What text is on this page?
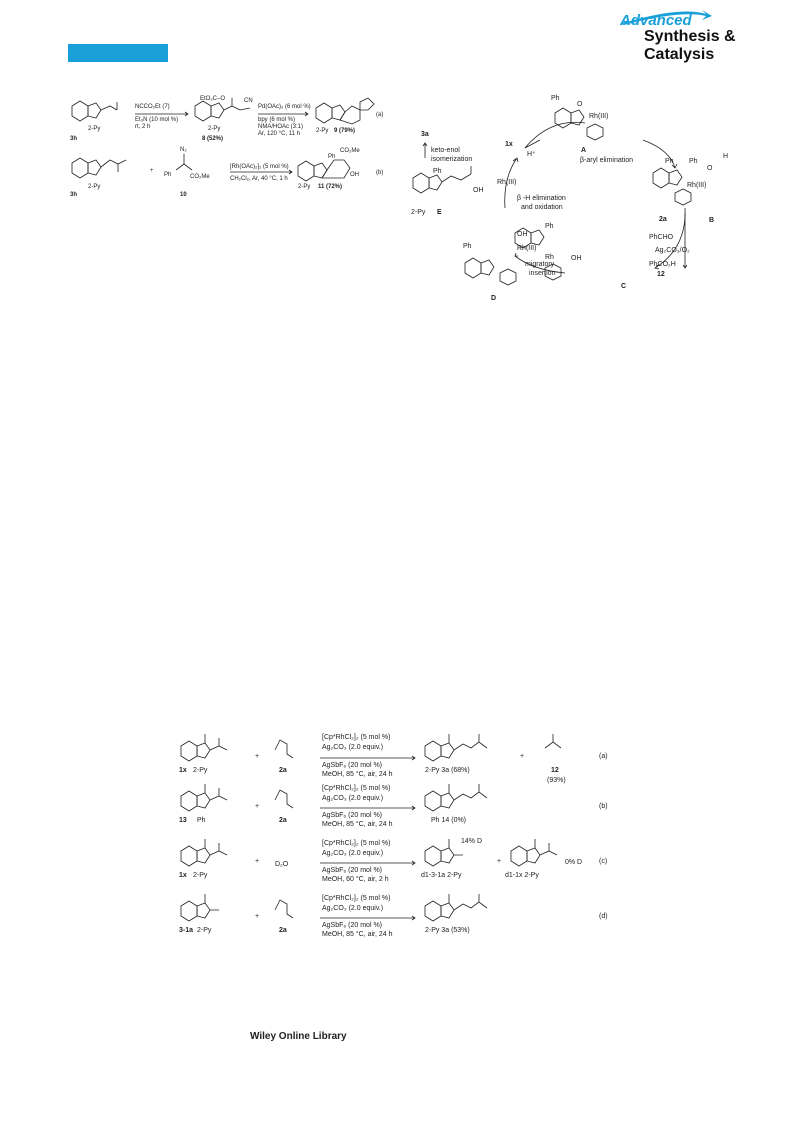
Advanced
Synthesis &
Catalysis
3h
2-Py
NCCO₂Et (7)
Et₃N (10 mol %)
rt, 2 h
EtO₂C–O	CN
2-Py
8 (52%)
Pd(OAc)₂ (6 mol %)
bpy (6 mol %)
NMA/HOAc (3:1)
Ar, 120 °C, 11 h	2-Py 9 (79%)
(a)
3h
2-Py
+
N₂
Ph	CO₂Me
10
[Rh(OAc)₂]₂ (5 mol %)
CH₂Cl₂, Ar, 40 °C, 1 h
Ph
CO₂Me
OH
2-Py 11 (72%)
(b)
3a
keto-enol
isomerization
1x
H⁺
Ph
Rh(III)
O
A
β-aryl elimination	Ph Ph
H
O
Rh(III)
B
2a
PhCHO
Ag₂CO₃/O₂
PhCO₂H
12
Ph
Rh OH
C
migratory
insertion
Ph	Rh(III)
OH
D
β -H elimination
and oxidation
Rh(III)
Ph
OH
2-Py E
1x 2-Py
+
2a
[Cp*RhCl₂]₂ (5 mol %)
Ag₂CO₃ (2.0 equiv.)
AgSbF₆ (20 mol %)
MeOH, 85 °C, air, 24 h
2-Py 3a (68%)
+
12
(93%)
(a)
13 Ph
+
2a
[Cp*RhCl₂]₂ (5 mol %)
Ag₂CO₃ (2.0 equiv.)
AgSbF₆ (20 mol %)
MeOH, 85 °C, air, 24 h
Ph 14 (0%)
(b)
1x 2-Py
+ D₂O
[Cp*RhCl₂]₂ (5 mol %)
Ag₂CO₃ (2.0 equiv.)
AgSbF₆ (20 mol %)
MeOH, 60 °C, air, 2 h
14% D
d1-3-1a 2-Py
+	0% D
d1-1x 2-Py
(c)
3-1a 2-Py
+
2a
[Cp*RhCl₂]₂ (5 mol %)
Ag₂CO₃ (2.0 equiv.)
AgSbF₆ (20 mol %)
MeOH, 85 °C, air, 24 h
2-Py 3a (53%)
(d)
Wiley Online Library
